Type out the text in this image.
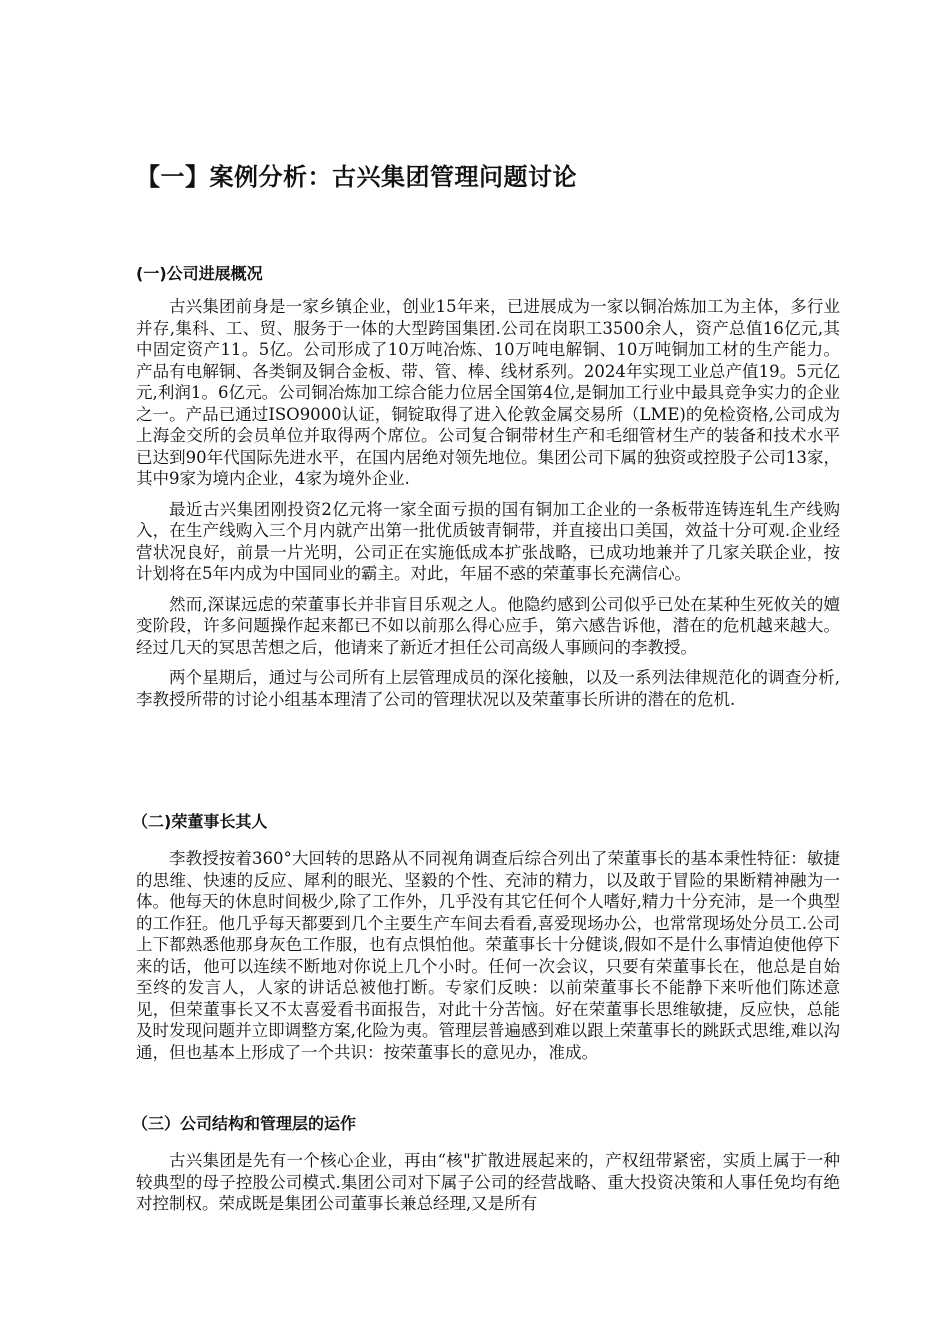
【一】案例分析：古兴集团管理问题讨论
(一)公司进展概况

古兴集团前身是一家乡镇企业，创业15年来，已进展成为一家以铜冶炼加工为主体，多行业并存,集科、工、贸、服务于一体的大型跨国集团.公司在岗职工3500余人，资产总值16亿元,其中固定资产11。5亿。公司形成了10万吨冶炼、10万吨电解铜、10万吨铜加工材的生产能力。产品有电解铜、各类铜及铜合金板、带、管、棒、线材系列。2024年实现工业总产值19。5元亿元,利润1。6亿元。公司铜冶炼加工综合能力位居全国第4位,是铜加工行业中最具竞争实力的企业之一。产品已通过ISO9000认证，铜锭取得了进入伦敦金属交易所（LME)的免检资格,公司成为上海金交所的会员单位并取得两个席位。公司复合铜带材生产和毛细管材生产的装备和技术水平已达到90年代国际先进水平，在国内居绝对领先地位。集团公司下属的独资或控股子公司13家，其中9家为境内企业，4家为境外企业.

最近古兴集团刚投资2亿元将一家全面亏损的国有铜加工企业的一条板带连铸连轧生产线购入，在生产线购入三个月内就产出第一批优质铍青铜带，并直接出口美国，效益十分可观.企业经营状况良好，前景一片光明，公司正在实施低成本扩张战略，已成功地兼并了几家关联企业，按计划将在5年内成为中国同业的霸主。对此，年届不惑的荣董事长充满信心。

然而,深谋远虑的荣董事长并非盲目乐观之人。他隐约感到公司似乎已处在某种生死攸关的嬗变阶段，许多问题操作起来都已不如以前那么得心应手，第六感告诉他，潜在的危机越来越大。经过几天的冥思苦想之后，他请来了新近才担任公司高级人事顾问的李教授。

两个星期后，通过与公司所有上层管理成员的深化接触，以及一系列法律规范化的调查分析,李教授所带的讨论小组基本理清了公司的管理状况以及荣董事长所讲的潜在的危机.

（二)荣董事长其人

李教授按着360°大回转的思路从不同视角调查后综合列出了荣董事长的基本秉性特征：敏捷的思维、快速的反应、犀利的眼光、坚毅的个性、充沛的精力，以及敢于冒险的果断精神融为一体。他每天的休息时间极少,除了工作外，几乎没有其它任何个人嗜好,精力十分充沛，是一个典型的工作狂。他几乎每天都要到几个主要生产车间去看看,喜爱现场办公，也常常现场处分员工.公司上下都熟悉他那身灰色工作服，也有点惧怕他。荣董事长十分健谈,假如不是什么事情迫使他停下来的话，他可以连续不断地对你说上几个小时。任何一次会议，只要有荣董事长在，他总是自始至终的发言人，人家的讲话总被他打断。专家们反映：以前荣董事长不能静下来听他们陈述意见，但荣董事长又不太喜爱看书面报告，对此十分苦恼。好在荣董事长思维敏捷，反应快，总能及时发现问题并立即调整方案,化险为夷。管理层普遍感到难以跟上荣董事长的跳跃式思维,难以沟通，但也基本上形成了一个共识：按荣董事长的意见办，准成。

（三）公司结构和管理层的运作

古兴集团是先有一个核心企业，再由“核"扩散进展起来的，产权纽带紧密，实质上属于一种较典型的母子控股公司模式.集团公司对下属子公司的经营战略、重大投资决策和人事任免均有绝对控制权。荣成既是集团公司董事长兼总经理,又是所有
